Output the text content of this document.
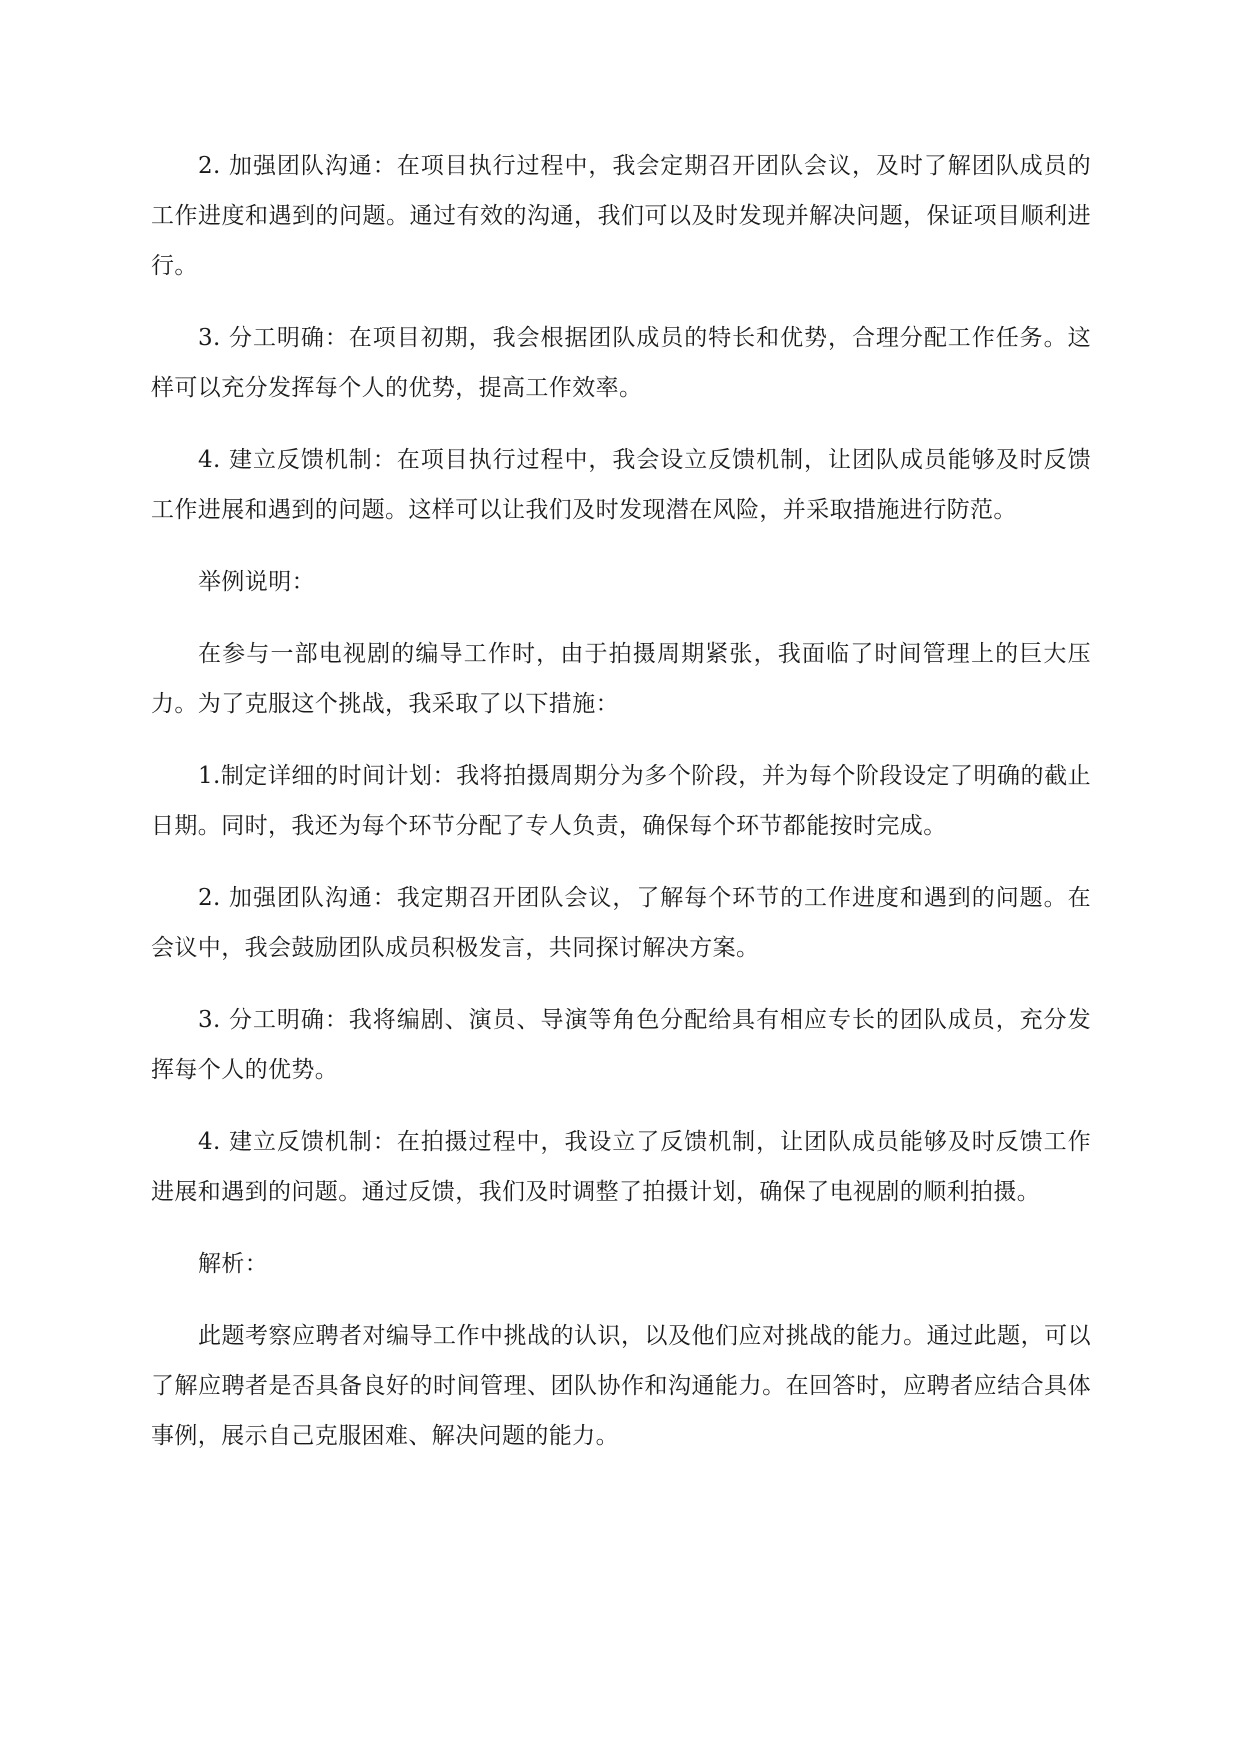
2. 加强团队沟通：在项目执行过程中，我会定期召开团队会议，及时了解团队成员的工作进度和遇到的问题。通过有效的沟通，我们可以及时发现并解决问题，保证项目顺利进行。

3. 分工明确：在项目初期，我会根据团队成员的特长和优势，合理分配工作任务。这样可以充分发挥每个人的优势，提高工作效率。

4. 建立反馈机制：在项目执行过程中，我会设立反馈机制，让团队成员能够及时反馈工作进展和遇到的问题。这样可以让我们及时发现潜在风险，并采取措施进行防范。

举例说明：

在参与一部电视剧的编导工作时，由于拍摄周期紧张，我面临了时间管理上的巨大压力。为了克服这个挑战，我采取了以下措施：

1.制定详细的时间计划：我将拍摄周期分为多个阶段，并为每个阶段设定了明确的截止日期。同时，我还为每个环节分配了专人负责，确保每个环节都能按时完成。

2. 加强团队沟通：我定期召开团队会议，了解每个环节的工作进度和遇到的问题。在会议中，我会鼓励团队成员积极发言，共同探讨解决方案。

3. 分工明确：我将编剧、演员、导演等角色分配给具有相应专长的团队成员，充分发挥每个人的优势。

4. 建立反馈机制：在拍摄过程中，我设立了反馈机制，让团队成员能够及时反馈工作进展和遇到的问题。通过反馈，我们及时调整了拍摄计划，确保了电视剧的顺利拍摄。

解析：

此题考察应聘者对编导工作中挑战的认识，以及他们应对挑战的能力。通过此题，可以了解应聘者是否具备良好的时间管理、团队协作和沟通能力。在回答时，应聘者应结合具体事例，展示自己克服困难、解决问题的能力。
